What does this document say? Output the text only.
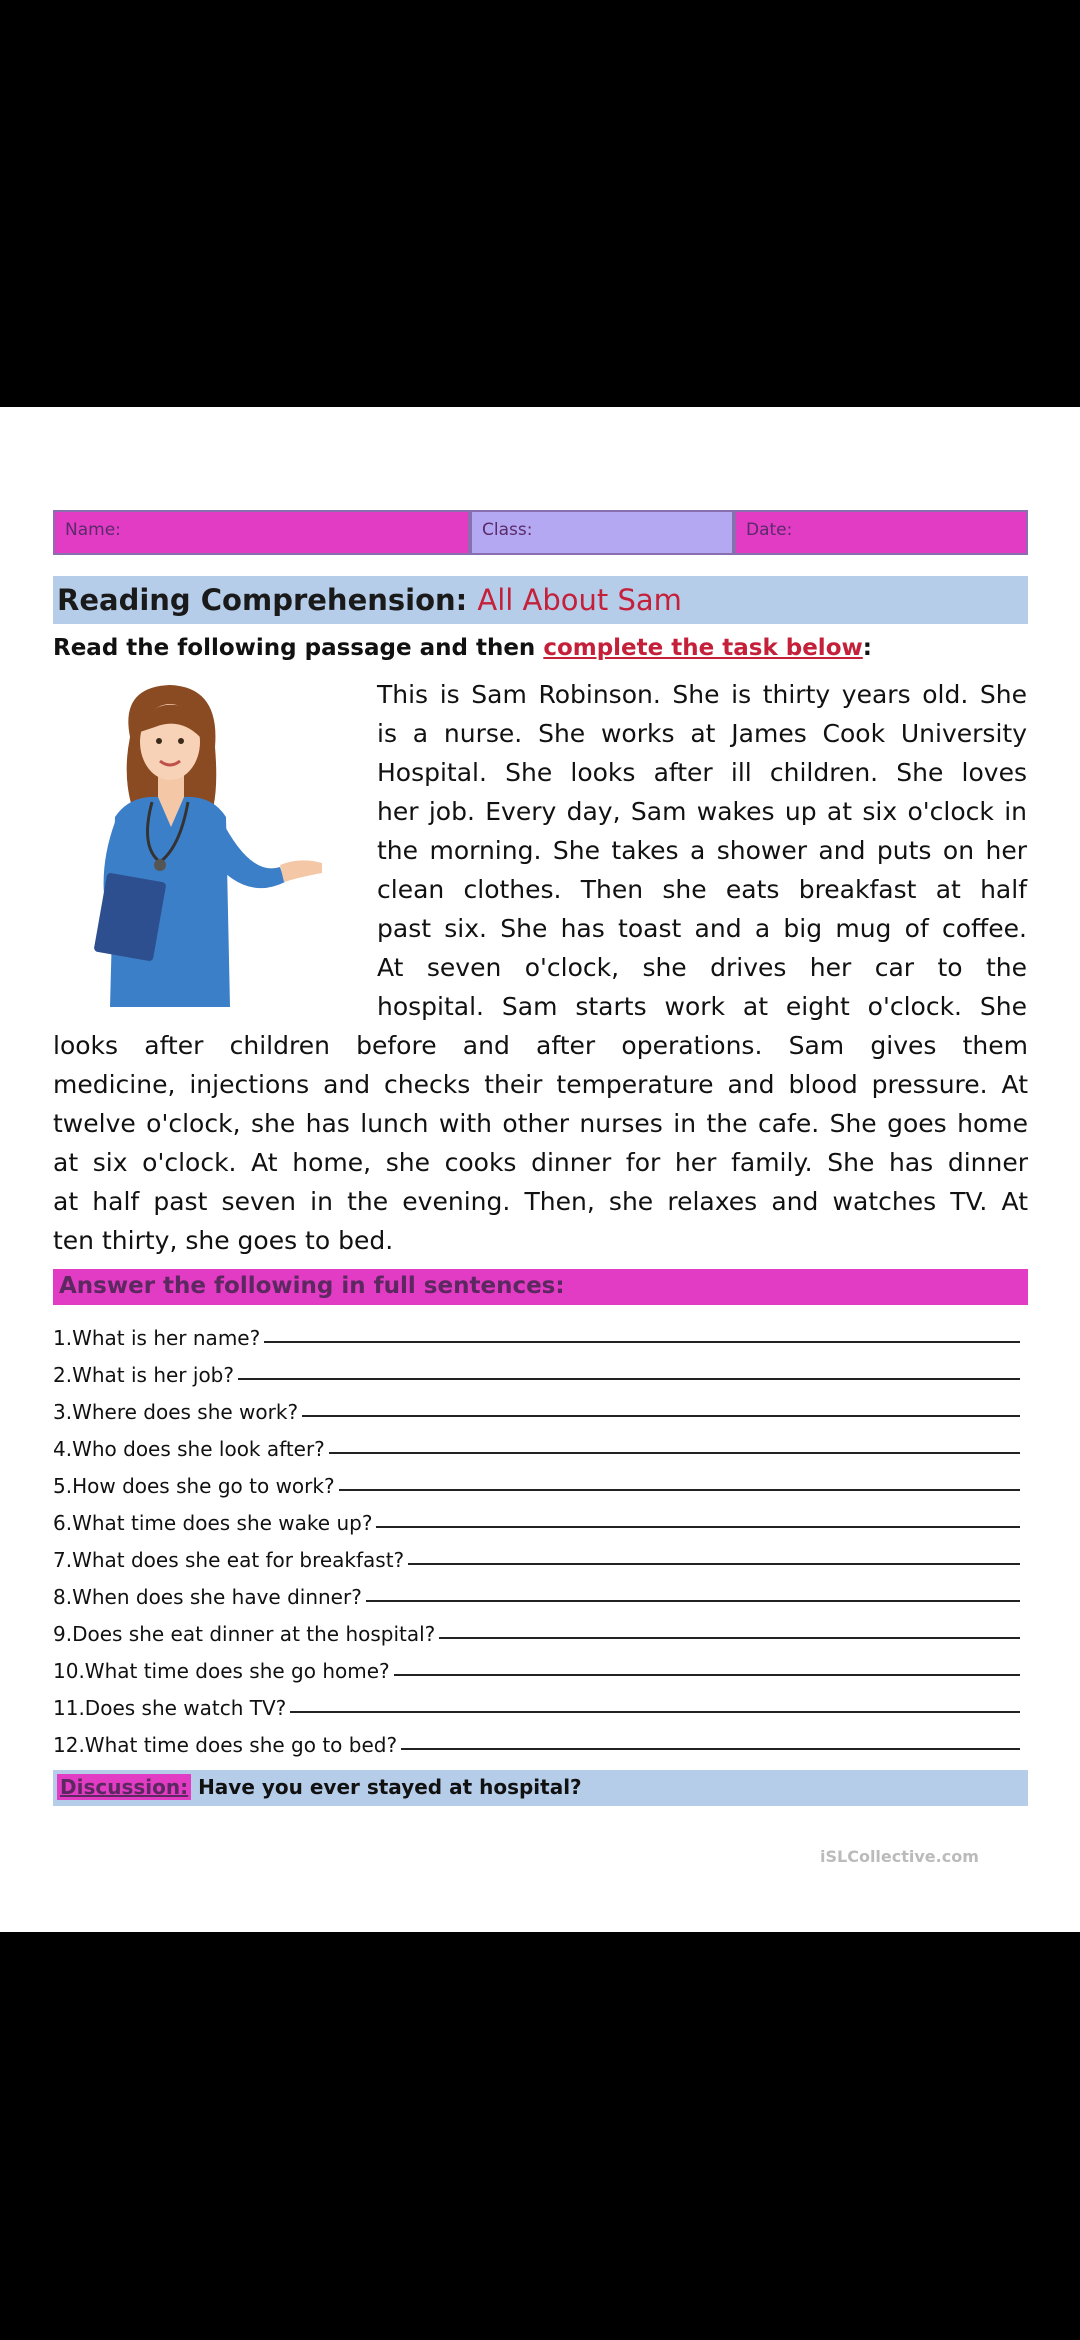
Name:	Class:	Date:
Reading Comprehension: All About Sam
Read the following passage and then complete the task below:
This is Sam Robinson. She is thirty years old. She
is a nurse. She works at James Cook University
Hospital. She looks after ill children. She loves
her job. Every day, Sam wakes up at six o'clock in
the morning. She takes a shower and puts on her
clean clothes. Then she eats breakfast at half
past six. She has toast and a big mug of coffee.
At seven o'clock, she drives her car to the
hospital. Sam starts work at eight o'clock. She
looks after children before and after operations. Sam gives them
medicine, injections and checks their temperature and blood pressure. At
twelve o'clock, she has lunch with other nurses in the cafe. She goes home
at six o'clock. At home, she cooks dinner for her family. She has dinner
at half past seven in the evening. Then, she relaxes and watches TV. At
ten thirty, she goes to bed.
Answer the following in full sentences:
1.What is her name?
2.What is her job?
3.Where does she work?
4.Who does she look after?
5.How does she go to work?
6.What time does she wake up?
7.What does she eat for breakfast?
8.When does she have dinner?
9.Does she eat dinner at the hospital?
10.What time does she go home?
11.Does she watch TV?
12.What time does she go to bed?
Discussion: Have you ever stayed at hospital?
iSLCollective.com
